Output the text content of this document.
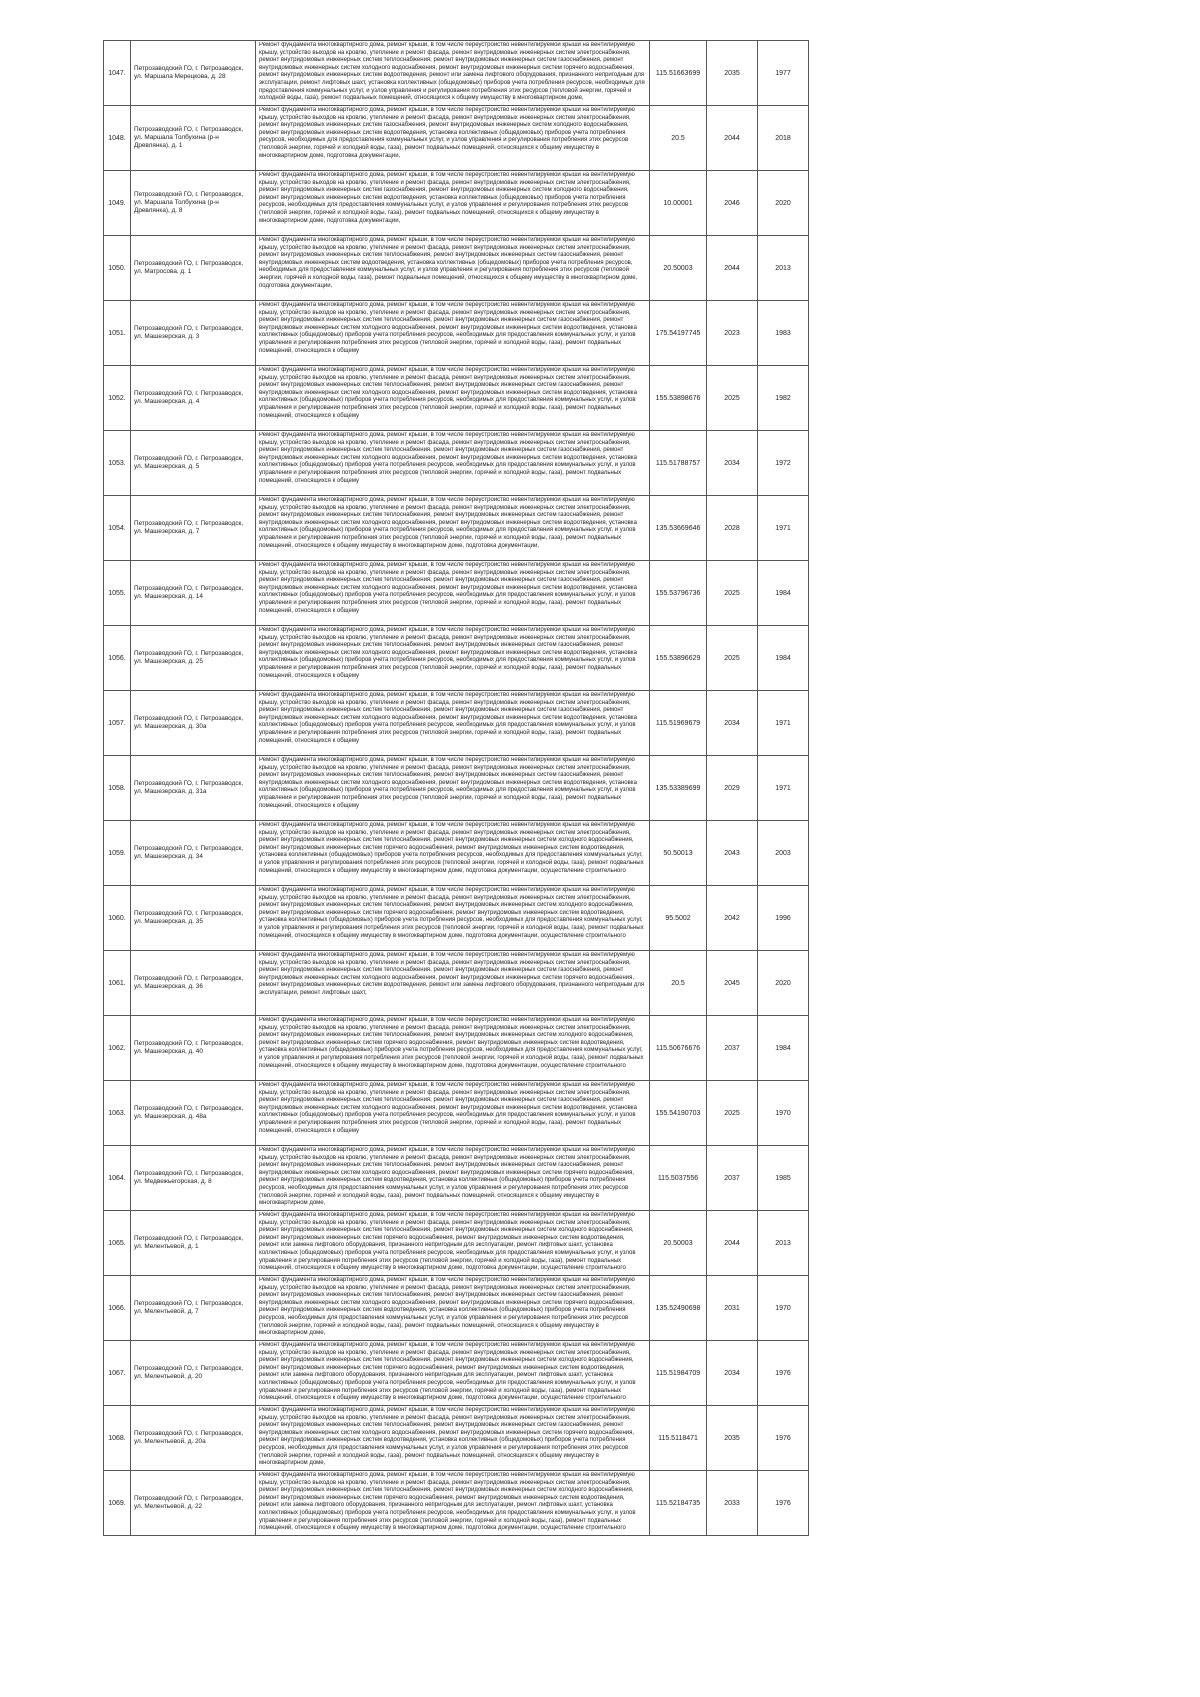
1047.	Петрозаводский ГО, г. Петрозаводск, ул. Маршала Мерецкова, д. 28	Ремонт фундамента многоквартирного дома, ремонт крыши, в том числе переустройство невентилируемой крыши на вентилируемую крышу, устройство выходов на кровлю, утепление и ремонт фасада, ремонт внутридомовых инженерных систем электроснабжения, ремонт внутридомовых инженерных систем теплоснабжения, ремонт внутридомовых инженерных систем газоснабжения, ремонт внутридомовых инженерных систем холодного водоснабжения, ремонт внутридомовых инженерных систем горячего водоснабжения, ремонт внутридомовых инженерных систем водоотведения, ремонт или замена лифтового оборудования, признанного непригодным для эксплуатации, ремонт лифтовых шахт, установка коллективных (общедомовых) приборов учета потребления ресурсов, необходимых для предоставления коммунальных услуг, и узлов управления и регулирования потребления этих ресурсов (тепловой энергии, горячей и холодной воды, газа), ремонт подвальных помещений, относящихся к общему имуществу в многоквартирном доме,	115.51663699	2035	1977
1048.	Петрозаводский ГО, г. Петрозаводск, ул. Маршала Толбухина (р-н Древлянка), д. 1	Ремонт фундамента многоквартирного дома, ремонт крыши, в том числе переустройство невентилируемой крыши на вентилируемую крышу, устройство выходов на кровлю, утепление и ремонт фасада, ремонт внутридомовых инженерных систем электроснабжения, ремонт внутридомовых инженерных систем газоснабжения, ремонт внутридомовых инженерных систем холодного водоснабжения, ремонт внутридомовых инженерных систем водоотведения, установка коллективных (общедомовых) приборов учета потребления ресурсов, необходимых для предоставления коммунальных услуг, и узлов управления и регулирования потребления этих ресурсов (тепловой энергии, горячей и холодной воды, газа), ремонт подвальных помещений, относящихся к общему имуществу в многоквартирном доме, подготовка документации,	20.5	2044	2018
1049.	Петрозаводский ГО, г. Петрозаводск, ул. Маршала Толбухина (р-н Древлянка), д. 8	Ремонт фундамента многоквартирного дома, ремонт крыши, в том числе переустройство невентилируемой крыши на вентилируемую крышу, устройство выходов на кровлю, утепление и ремонт фасада, ремонт внутридомовых инженерных систем электроснабжения, ремонт внутридомовых инженерных систем газоснабжения, ремонт внутридомовых инженерных систем холодного водоснабжения, ремонт внутридомовых инженерных систем водоотведения, установка коллективных (общедомовых) приборов учета потребления ресурсов, необходимых для предоставления коммунальных услуг, и узлов управления и регулирования потребления этих ресурсов (тепловой энергии, горячей и холодной воды, газа), ремонт подвальных помещений, относящихся к общему имуществу в многоквартирном доме, подготовка документации,	10.00001	2046	2020
1050.	Петрозаводский ГО, г. Петрозаводск, ул. Матросова, д. 1	Ремонт фундамента многоквартирного дома, ремонт крыши, в том числе переустройство невентилируемой крыши на вентилируемую крышу, устройство выходов на кровлю, утепление и ремонт фасада, ремонт внутридомовых инженерных систем электроснабжения, ремонт внутридомовых инженерных систем теплоснабжения, ремонт внутридомовых инженерных систем газоснабжения, ремонт внутридомовых инженерных систем водоотведения, установка коллективных (общедомовых) приборов учета потребления ресурсов, необходимых для предоставления коммунальных услуг, и узлов управления и регулирования потребления этих ресурсов (тепловой энергии, горячей и холодной воды, газа), ремонт подвальных помещений, относящихся к общему имуществу в многоквартирном доме, подготовка документации,	20.50003	2044	2013
1051.	Петрозаводский ГО, г. Петрозаводск, ул. Машезерская, д. 3	Ремонт фундамента многоквартирного дома, ремонт крыши, в том числе переустройство невентилируемой крыши на вентилируемую крышу, устройство выходов на кровлю, утепление и ремонт фасада, ремонт внутридомовых инженерных систем электроснабжения, ремонт внутридомовых инженерных систем теплоснабжения, ремонт внутридомовых инженерных систем газоснабжения, ремонт внутридомовых инженерных систем холодного водоснабжения, ремонт внутридомовых инженерных систем водоотведения, установка коллективных (общедомовых) приборов учета потребления ресурсов, необходимых для предоставления коммунальных услуг, и узлов управления и регулирования потребления этих ресурсов (тепловой энергии, горячей и холодной воды, газа), ремонт подвальных помещений, относящихся к общему	175.54197745	2023	1983
1052.	Петрозаводский ГО, г. Петрозаводск, ул. Машезерская, д. 4	Ремонт фундамента многоквартирного дома, ремонт крыши, в том числе переустройство невентилируемой крыши на вентилируемую крышу, устройство выходов на кровлю, утепление и ремонт фасада, ремонт внутридомовых инженерных систем электроснабжения, ремонт внутридомовых инженерных систем теплоснабжения, ремонт внутридомовых инженерных систем газоснабжения, ремонт внутридомовых инженерных систем холодного водоснабжения, ремонт внутридомовых инженерных систем водоотведения, установка коллективных (общедомовых) приборов учета потребления ресурсов, необходимых для предоставления коммунальных услуг, и узлов управления и регулирования потребления этих ресурсов (тепловой энергии, горячей и холодной воды, газа), ремонт подвальных помещений, относящихся к общему	155.53898676	2025	1982
1053.	Петрозаводский ГО, г. Петрозаводск, ул. Машезерская, д. 5	Ремонт фундамента многоквартирного дома, ремонт крыши, в том числе переустройство невентилируемой крыши на вентилируемую крышу, устройство выходов на кровлю, утепление и ремонт фасада, ремонт внутридомовых инженерных систем электроснабжения, ремонт внутридомовых инженерных систем теплоснабжения, ремонт внутридомовых инженерных систем газоснабжения, ремонт внутридомовых инженерных систем холодного водоснабжения, ремонт внутридомовых инженерных систем водоотведения, установка коллективных (общедомовых) приборов учета потребления ресурсов, необходимых для предоставления коммунальных услуг, и узлов управления и регулирования потребления этих ресурсов (тепловой энергии, горячей и холодной воды, газа), ремонт подвальных помещений, относящихся к общему	115.51788757	2034	1972
1054.	Петрозаводский ГО, г. Петрозаводск, ул. Машезерская, д. 7	Ремонт фундамента многоквартирного дома, ремонт крыши, в том числе переустройство невентилируемой крыши на вентилируемую крышу, устройство выходов на кровлю, утепление и ремонт фасада, ремонт внутридомовых инженерных систем электроснабжения, ремонт внутридомовых инженерных систем теплоснабжения, ремонт внутридомовых инженерных систем газоснабжения, ремонт внутридомовых инженерных систем холодного водоснабжения, ремонт внутридомовых инженерных систем водоотведения, установка коллективных (общедомовых) приборов учета потребления ресурсов, необходимых для предоставления коммунальных услуг, и узлов управления и регулирования потребления этих ресурсов (тепловой энергии, горячей и холодной воды, газа), ремонт подвальных помещений, относящихся к общему имуществу в многоквартирном доме, подготовка документации,	135.53669646	2028	1971
1055.	Петрозаводский ГО, г. Петрозаводск, ул. Машезерская, д. 14	Ремонт фундамента многоквартирного дома, ремонт крыши, в том числе переустройство невентилируемой крыши на вентилируемую крышу, устройство выходов на кровлю, утепление и ремонт фасада, ремонт внутридомовых инженерных систем электроснабжения, ремонт внутридомовых инженерных систем теплоснабжения, ремонт внутридомовых инженерных систем газоснабжения, ремонт внутридомовых инженерных систем холодного водоснабжения, ремонт внутридомовых инженерных систем водоотведения, установка коллективных (общедомовых) приборов учета потребления ресурсов, необходимых для предоставления коммунальных услуг, и узлов управления и регулирования потребления этих ресурсов (тепловой энергии, горячей и холодной воды, газа), ремонт подвальных помещений, относящихся к общему	155.53796736	2025	1984
1056.	Петрозаводский ГО, г. Петрозаводск, ул. Машезерская, д. 25	Ремонт фундамента многоквартирного дома, ремонт крыши, в том числе переустройство невентилируемой крыши на вентилируемую крышу, устройство выходов на кровлю, утепление и ремонт фасада, ремонт внутридомовых инженерных систем электроснабжения, ремонт внутридомовых инженерных систем теплоснабжения, ремонт внутридомовых инженерных систем газоснабжения, ремонт внутридомовых инженерных систем холодного водоснабжения, ремонт внутридомовых инженерных систем водоотведения, установка коллективных (общедомовых) приборов учета потребления ресурсов, необходимых для предоставления коммунальных услуг, и узлов управления и регулирования потребления этих ресурсов (тепловой энергии, горячей и холодной воды, газа), ремонт подвальных помещений, относящихся к общему	155.53896629	2025	1984
1057.	Петрозаводский ГО, г. Петрозаводск, ул. Машезерская, д. 30а	Ремонт фундамента многоквартирного дома, ремонт крыши, в том числе переустройство невентилируемой крыши на вентилируемую крышу, устройство выходов на кровлю, утепление и ремонт фасада, ремонт внутридомовых инженерных систем электроснабжения, ремонт внутридомовых инженерных систем теплоснабжения, ремонт внутридомовых инженерных систем газоснабжения, ремонт внутридомовых инженерных систем холодного водоснабжения, ремонт внутридомовых инженерных систем водоотведения, установка коллективных (общедомовых) приборов учета потребления ресурсов, необходимых для предоставления коммунальных услуг, и узлов управления и регулирования потребления этих ресурсов (тепловой энергии, горячей и холодной воды, газа), ремонт подвальных помещений, относящихся к общему	115.51969679	2034	1971
1058.	Петрозаводский ГО, г. Петрозаводск, ул. Машезерская, д. 31а	Ремонт фундамента многоквартирного дома, ремонт крыши, в том числе переустройство невентилируемой крыши на вентилируемую крышу, устройство выходов на кровлю, утепление и ремонт фасада, ремонт внутридомовых инженерных систем электроснабжения, ремонт внутридомовых инженерных систем теплоснабжения, ремонт внутридомовых инженерных систем газоснабжения, ремонт внутридомовых инженерных систем холодного водоснабжения, ремонт внутридомовых инженерных систем водоотведения, установка коллективных (общедомовых) приборов учета потребления ресурсов, необходимых для предоставления коммунальных услуг, и узлов управления и регулирования потребления этих ресурсов (тепловой энергии, горячей и холодной воды, газа), ремонт подвальных помещений, относящихся к общему	135.53389699	2029	1971
1059.	Петрозаводский ГО, г. Петрозаводск, ул. Машезерская, д. 34	Ремонт фундамента многоквартирного дома, ремонт крыши, в том числе переустройство невентилируемой крыши на вентилируемую крышу, устройство выходов на кровлю, утепление и ремонт фасада, ремонт внутридомовых инженерных систем электроснабжения, ремонт внутридомовых инженерных систем теплоснабжения, ремонт внутридомовых инженерных систем холодного водоснабжения, ремонт внутридомовых инженерных систем горячего водоснабжения, ремонт внутридомовых инженерных систем водоотведения, установка коллективных (общедомовых) приборов учета потребления ресурсов, необходимых для предоставления коммунальных услуг, и узлов управления и регулирования потребления этих ресурсов (тепловой энергии, горячей и холодной воды, газа), ремонт подвальных помещений, относящихся к общему имуществу в многоквартирном доме, подготовка документации, осуществление строительного	50.50013	2043	2003
1060.	Петрозаводский ГО, г. Петрозаводск, ул. Машезерская, д. 35	Ремонт фундамента многоквартирного дома, ремонт крыши, в том числе переустройство невентилируемой крыши на вентилируемую крышу, устройство выходов на кровлю, утепление и ремонт фасада, ремонт внутридомовых инженерных систем электроснабжения, ремонт внутридомовых инженерных систем теплоснабжения, ремонт внутридомовых инженерных систем холодного водоснабжения, ремонт внутридомовых инженерных систем горячего водоснабжения, ремонт внутридомовых инженерных систем водоотведения, установка коллективных (общедомовых) приборов учета потребления ресурсов, необходимых для предоставления коммунальных услуг, и узлов управления и регулирования потребления этих ресурсов (тепловой энергии, горячей и холодной воды, газа), ремонт подвальных помещений, относящихся к общему имуществу в многоквартирном доме, подготовка документации, осуществление строительного	95.5002	2042	1996
1061.	Петрозаводский ГО, г. Петрозаводск, ул. Машезерская, д. 36	Ремонт фундамента многоквартирного дома, ремонт крыши, в том числе переустройство невентилируемой крыши на вентилируемую крышу, устройство выходов на кровлю, утепление и ремонт фасада, ремонт внутридомовых инженерных систем электроснабжения, ремонт внутридомовых инженерных систем теплоснабжения, ремонт внутридомовых инженерных систем газоснабжения, ремонт внутридомовых инженерных систем холодного водоснабжения, ремонт внутридомовых инженерных систем горячего водоснабжения, ремонт внутридомовых инженерных систем водоотведения, ремонт или замена лифтового оборудования, признанного непригодным для эксплуатации, ремонт лифтовых шахт,	20.5	2045	2020
1062.	Петрозаводский ГО, г. Петрозаводск, ул. Машезерская, д. 40	Ремонт фундамента многоквартирного дома, ремонт крыши, в том числе переустройство невентилируемой крыши на вентилируемую крышу, устройство выходов на кровлю, утепление и ремонт фасада, ремонт внутридомовых инженерных систем электроснабжения, ремонт внутридомовых инженерных систем теплоснабжения, ремонт внутридомовых инженерных систем холодного водоснабжения, ремонт внутридомовых инженерных систем горячего водоснабжения, ремонт внутридомовых инженерных систем водоотведения, установка коллективных (общедомовых) приборов учета потребления ресурсов, необходимых для предоставления коммунальных услуг, и узлов управления и регулирования потребления этих ресурсов (тепловой энергии, горячей и холодной воды, газа), ремонт подвальных помещений, относящихся к общему имуществу в многоквартирном доме, подготовка документации, осуществление строительного	115.50676676	2037	1984
1063.	Петрозаводский ГО, г. Петрозаводск, ул. Машезерская, д. 48а	Ремонт фундамента многоквартирного дома, ремонт крыши, в том числе переустройство невентилируемой крыши на вентилируемую крышу, устройство выходов на кровлю, утепление и ремонт фасада, ремонт внутридомовых инженерных систем электроснабжения, ремонт внутридомовых инженерных систем теплоснабжения, ремонт внутридомовых инженерных систем газоснабжения, ремонт внутридомовых инженерных систем холодного водоснабжения, ремонт внутридомовых инженерных систем водоотведения, установка коллективных (общедомовых) приборов учета потребления ресурсов, необходимых для предоставления коммунальных услуг, и узлов управления и регулирования потребления этих ресурсов (тепловой энергии, горячей и холодной воды, газа), ремонт подвальных помещений, относящихся к общему	155.54190703	2025	1970
1064.	Петрозаводский ГО, г. Петрозаводск, ул. Медвежьегорская, д. 8	Ремонт фундамента многоквартирного дома, ремонт крыши, в том числе переустройство невентилируемой крыши на вентилируемую крышу, устройство выходов на кровлю, утепление и ремонт фасада, ремонт внутридомовых инженерных систем электроснабжения, ремонт внутридомовых инженерных систем теплоснабжения, ремонт внутридомовых инженерных систем газоснабжения, ремонт внутридомовых инженерных систем холодного водоснабжения, ремонт внутридомовых инженерных систем горячего водоснабжения, ремонт внутридомовых инженерных систем водоотведения, установка коллективных (общедомовых) приборов учета потребления ресурсов, необходимых для предоставления коммунальных услуг, и узлов управления и регулирования потребления этих ресурсов (тепловой энергии, горячей и холодной воды, газа), ремонт подвальных помещений, относящихся к общему имуществу в многоквартирном доме,	115.5037556	2037	1985
1065.	Петрозаводский ГО, г. Петрозаводск, ул. Мелентьевой, д. 1	Ремонт фундамента многоквартирного дома, ремонт крыши, в том числе переустройство невентилируемой крыши на вентилируемую крышу, устройство выходов на кровлю, утепление и ремонт фасада, ремонт внутридомовых инженерных систем электроснабжения, ремонт внутридомовых инженерных систем теплоснабжения, ремонт внутридомовых инженерных систем холодного водоснабжения, ремонт внутридомовых инженерных систем горячего водоснабжения, ремонт внутридомовых инженерных систем водоотведения, ремонт или замена лифтового оборудования, признанного непригодным для эксплуатации, ремонт лифтовых шахт, установка коллективных (общедомовых) приборов учета потребления ресурсов, необходимых для предоставления коммунальных услуг, и узлов управления и регулирования потребления этих ресурсов (тепловой энергии, горячей и холодной воды, газа), ремонт подвальных помещений, относящихся к общему имуществу в многоквартирном доме, подготовка документации, осуществление строительного	20.50003	2044	2013
1066.	Петрозаводский ГО, г. Петрозаводск, ул. Мелентьевой, д. 7	Ремонт фундамента многоквартирного дома, ремонт крыши, в том числе переустройство невентилируемой крыши на вентилируемую крышу, устройство выходов на кровлю, утепление и ремонт фасада, ремонт внутридомовых инженерных систем электроснабжения, ремонт внутридомовых инженерных систем теплоснабжения, ремонт внутридомовых инженерных систем газоснабжения, ремонт внутридомовых инженерных систем холодного водоснабжения, ремонт внутридомовых инженерных систем горячего водоснабжения, ремонт внутридомовых инженерных систем водоотведения, установка коллективных (общедомовых) приборов учета потребления ресурсов, необходимых для предоставления коммунальных услуг, и узлов управления и регулирования потребления этих ресурсов (тепловой энергии, горячей и холодной воды, газа), ремонт подвальных помещений, относящихся к общему имуществу в многоквартирном доме,	135.52490698	2031	1970
1067.	Петрозаводский ГО, г. Петрозаводск, ул. Мелентьевой, д. 20	Ремонт фундамента многоквартирного дома, ремонт крыши, в том числе переустройство невентилируемой крыши на вентилируемую крышу, устройство выходов на кровлю, утепление и ремонт фасада, ремонт внутридомовых инженерных систем электроснабжения, ремонт внутридомовых инженерных систем теплоснабжения, ремонт внутридомовых инженерных систем холодного водоснабжения, ремонт внутридомовых инженерных систем горячего водоснабжения, ремонт внутридомовых инженерных систем водоотведения, ремонт или замена лифтового оборудования, признанного непригодным для эксплуатации, ремонт лифтовых шахт, установка коллективных (общедомовых) приборов учета потребления ресурсов, необходимых для предоставления коммунальных услуг, и узлов управления и регулирования потребления этих ресурсов (тепловой энергии, горячей и холодной воды, газа), ремонт подвальных помещений, относящихся к общему имуществу в многоквартирном доме, подготовка документации, осуществление строительного	115.51984709	2034	1976
1068.	Петрозаводский ГО, г. Петрозаводск, ул. Мелентьевой, д. 20а	Ремонт фундамента многоквартирного дома, ремонт крыши, в том числе переустройство невентилируемой крыши на вентилируемую крышу, устройство выходов на кровлю, утепление и ремонт фасада, ремонт внутридомовых инженерных систем электроснабжения, ремонт внутридомовых инженерных систем теплоснабжения, ремонт внутридомовых инженерных систем газоснабжения, ремонт внутридомовых инженерных систем холодного водоснабжения, ремонт внутридомовых инженерных систем горячего водоснабжения, ремонт внутридомовых инженерных систем водоотведения, установка коллективных (общедомовых) приборов учета потребления ресурсов, необходимых для предоставления коммунальных услуг, и узлов управления и регулирования потребления этих ресурсов (тепловой энергии, горячей и холодной воды, газа), ремонт подвальных помещений, относящихся к общему имуществу в многоквартирном доме,	115.5118471	2035	1976
1069.	Петрозаводский ГО, г. Петрозаводск, ул. Мелентьевой, д. 22	Ремонт фундамента многоквартирного дома, ремонт крыши, в том числе переустройство невентилируемой крыши на вентилируемую крышу, устройство выходов на кровлю, утепление и ремонт фасада, ремонт внутридомовых инженерных систем электроснабжения, ремонт внутридомовых инженерных систем теплоснабжения, ремонт внутридомовых инженерных систем холодного водоснабжения, ремонт внутридомовых инженерных систем горячего водоснабжения, ремонт внутридомовых инженерных систем водоотведения, ремонт или замена лифтового оборудования, признанного непригодным для эксплуатации, ремонт лифтовых шахт, установка коллективных (общедомовых) приборов учета потребления ресурсов, необходимых для предоставления коммунальных услуг, и узлов управления и регулирования потребления этих ресурсов (тепловой энергии, горячей и холодной воды, газа), ремонт подвальных помещений, относящихся к общему имуществу в многоквартирном доме, подготовка документации, осуществление строительного	115.52184735	2033	1976
